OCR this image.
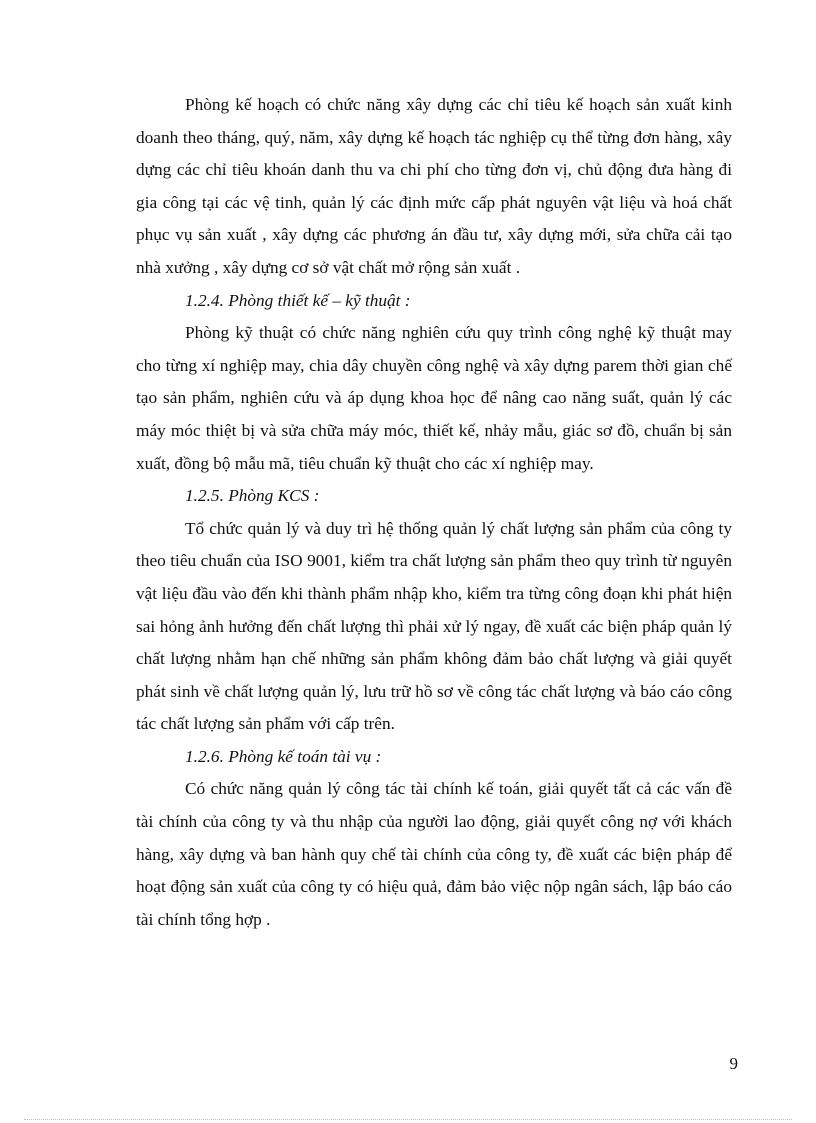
Phòng kế hoạch có chức năng xây dựng các chỉ tiêu kế hoạch sản xuất kinh doanh theo tháng, quý, năm, xây dựng kế hoạch tác nghiệp cụ thể từng đơn hàng, xây dựng các chỉ tiêu khoán danh thu va chi phí cho từng đơn vị, chủ động đưa hàng đi gia công tại các vệ tinh, quản lý các định mức cấp phát nguyên vật liệu và hoá chất phục vụ sản xuất , xây dựng các phương án đầu tư, xây dựng mới, sửa chữa cải tạo nhà xưởng , xây dựng cơ sở vật chất mở rộng sản xuất .

1.2.4. Phòng thiết kế – kỹ thuật :

Phòng kỹ thuật có chức năng nghiên cứu quy trình công nghệ kỹ thuật may cho từng xí nghiệp may, chia dây chuyền công nghệ và xây dựng parem thời gian chế tạo sản phẩm, nghiên cứu và áp dụng khoa học để nâng cao năng suất, quản lý các máy móc thiệt bị và sửa chữa máy móc, thiết kế, nhảy mẫu, giác sơ đồ, chuẩn bị sản xuất, đồng bộ mẫu mã, tiêu chuẩn kỹ thuật cho các xí nghiệp may.

1.2.5. Phòng KCS :

Tổ chức quản lý và duy trì hệ thống quản lý chất lượng sản phẩm của công ty theo tiêu chuẩn của ISO 9001, kiểm tra chất lượng sản phẩm theo quy trình từ nguyên vật liệu đầu vào đến khi thành phẩm nhập kho, kiểm tra từng công đoạn khi phát hiện sai hỏng ảnh hưởng đến chất lượng thì phải xử lý ngay, đề xuất các biện pháp quản lý chất lượng nhằm hạn chế những sản phẩm không đảm bảo chất lượng và giải quyết phát sinh về chất lượng quản lý, lưu trữ hồ sơ về công tác chất lượng và báo cáo công tác chất lượng sản phẩm với cấp trên.

1.2.6. Phòng kế toán tài vụ :

Có chức năng quản lý công tác tài chính kế toán, giải quyết tất cả các vấn đề tài chính của công ty và thu nhập của người lao động, giải quyết công nợ với khách hàng, xây dựng và ban hành quy chế tài chính của công ty, đề xuất các biện pháp để hoạt động sản xuất của công ty có hiệu quả, đảm bảo việc nộp ngân sách, lập báo cáo tài chính tổng hợp .

9
